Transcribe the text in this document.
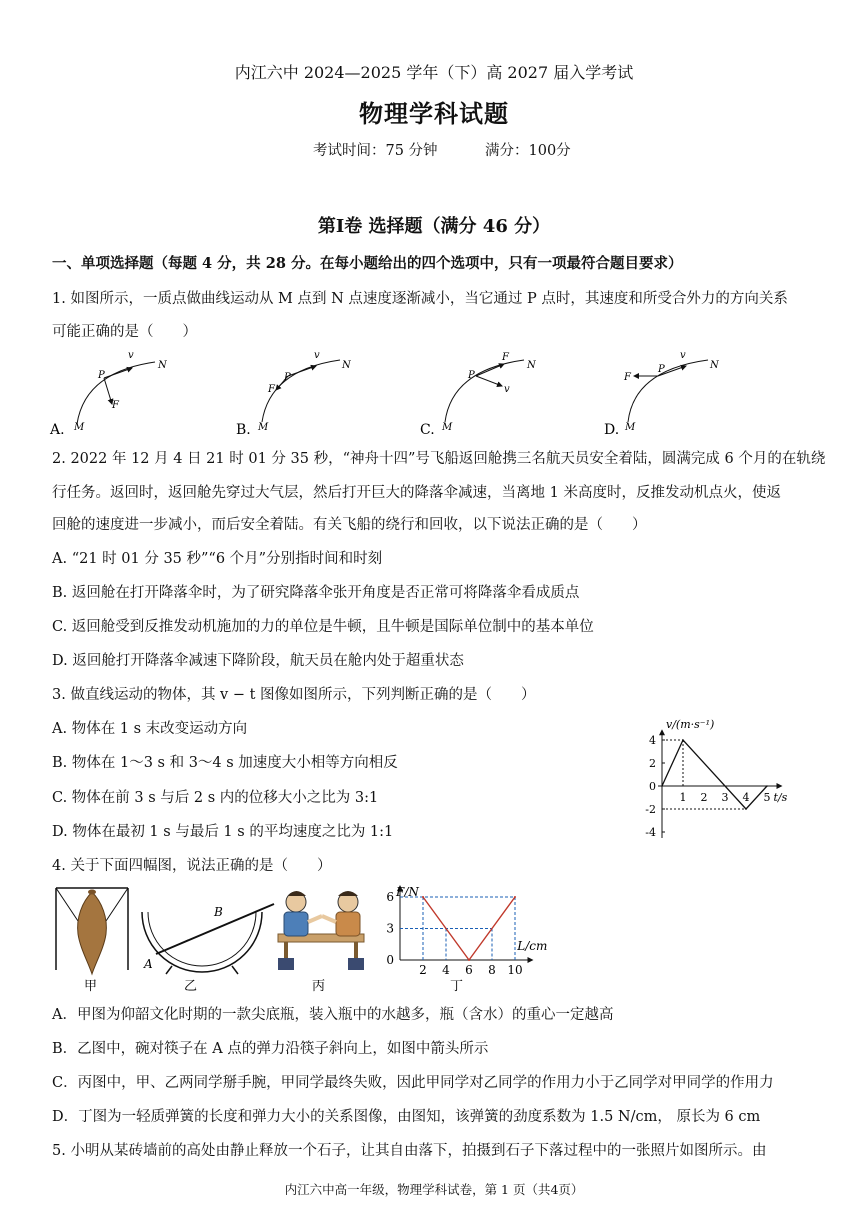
内江六中 2024—2025 学年（下）高 2027 届入学考试
物理学科试题
考试时间：75 分钟	满分：100分
第Ⅰ卷 选择题（满分 46 分）
一、单项选择题（每题 4 分，共 28 分。在每小题给出的四个选项中，只有一项最符合题目要求）
1. 如图所示，一质点做曲线运动从 M 点到 N 点速度逐渐减小，当它通过 P 点时，其速度和所受合外力的方向关系
可能正确的是（　　）
A. M
N
P
v
F
B. M
N
P
v
F
C. M
N
P
v
F
D. M
N
P
v
F
2. 2022 年 12 月 4 日 21 时 01 分 35 秒，“神舟十四”号飞船返回舱携三名航天员安全着陆，圆满完成 6 个月的在轨绕
行任务。返回时，返回舱先穿过大气层，然后打开巨大的降落伞减速，当离地 1 米高度时，反推发动机点火，使返
回舱的速度进一步减小，而后安全着陆。有关飞船的绕行和回收，以下说法正确的是（　　）
A. “21 时 01 分 35 秒”“6 个月”分别指时间和时刻
B. 返回舱在打开降落伞时，为了研究降落伞张开角度是否正常可将降落伞看成质点
C. 返回舱受到反推发动机施加的力的单位是牛顿，且牛顿是国际单位制中的基本单位
D. 返回舱打开降落伞减速下降阶段，航天员在舱内处于超重状态
3. 做直线运动的物体，其 v − t 图像如图所示，下列判断正确的是（　　）
A. 物体在 1 s 末改变运动方向
B. 物体在 1～3 s 和 3～4 s 加速度大小相等方向相反
C. 物体在前 3 s 与后 2 s 内的位移大小之比为 3:1
D. 物体在最初 1 s 与最后 1 s 的平均速度之比为 1:1
v/(m·s⁻¹)
t/s
4
2
0
-2
-4
1 2 3 4 5
4. 关于下面四幅图，说法正确的是（　　）
甲
A
B
乙	丙
F/N
L/cm
6
3
0
2 4 6 8 10
丁
A．甲图为仰韶文化时期的一款尖底瓶，装入瓶中的水越多，瓶（含水）的重心一定越高
B．乙图中，碗对筷子在 A 点的弹力沿筷子斜向上，如图中箭头所示
C．丙图中，甲、乙两同学掰手腕，甲同学最终失败，因此甲同学对乙同学的作用力小于乙同学对甲同学的作用力
D．丁图为一轻质弹簧的长度和弹力大小的关系图像，由图知，该弹簧的劲度系数为 1.5 N/cm， 原长为 6 cm
5. 小明从某砖墙前的高处由静止释放一个石子，让其自由落下，拍摄到石子下落过程中的一张照片如图所示。由
内江六中高一年级，物理学科试卷，第 1 页（共4页）
